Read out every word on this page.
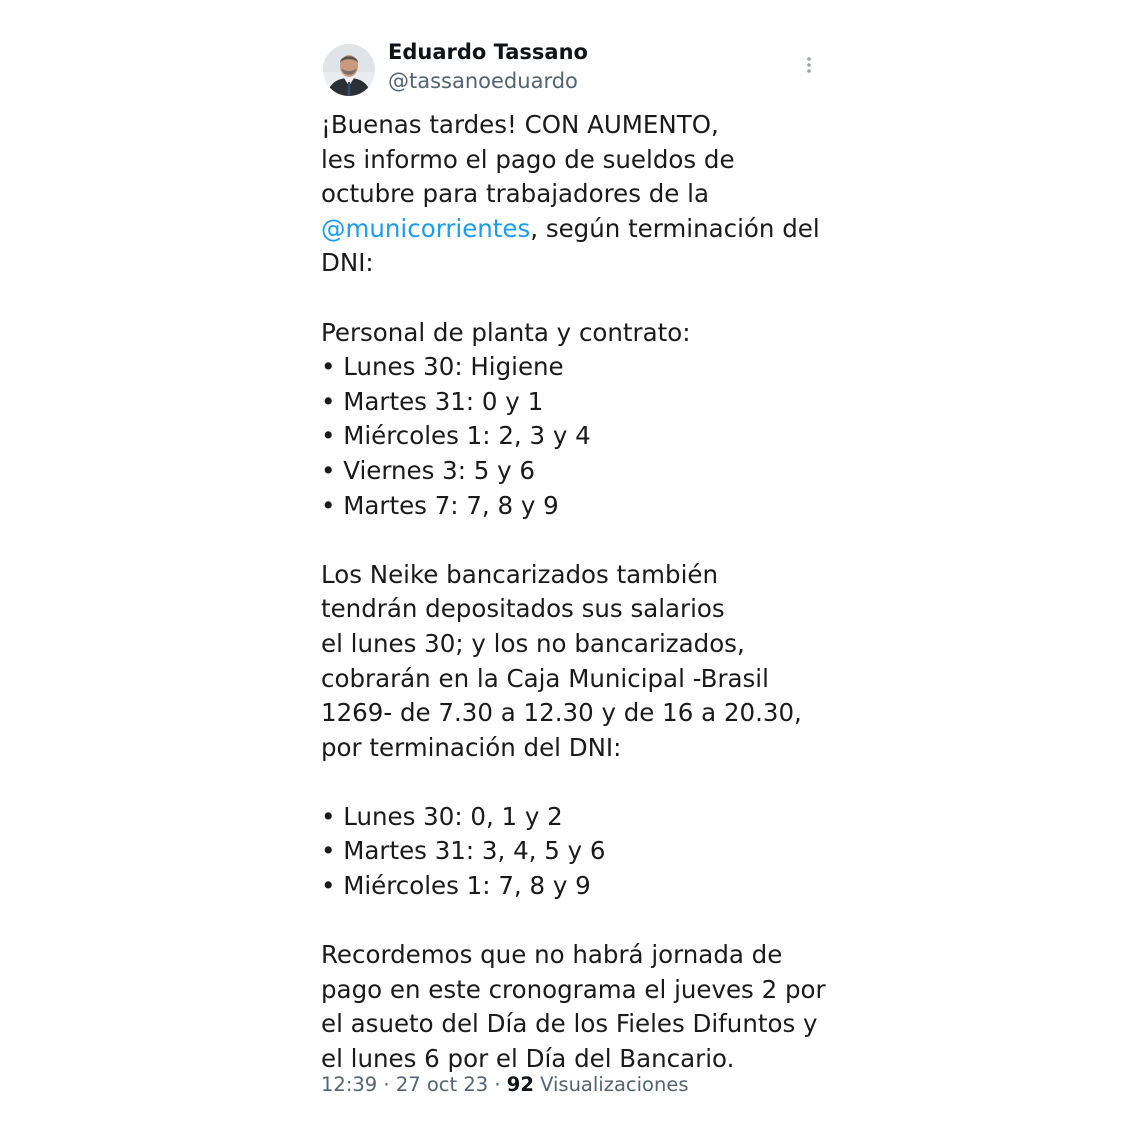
Eduardo Tassano
@tassanoeduardo
¡Buenas tardes! CON AUMENTO,
les informo el pago de sueldos de
octubre para trabajadores de la
@municorrientes, según terminación del
DNI:
Personal de planta y contrato:
• Lunes 30: Higiene
• Martes 31: 0 y 1
• Miércoles 1: 2, 3 y 4
• Viernes 3: 5 y 6
• Martes 7: 7, 8 y 9
Los Neike bancarizados también
tendrán depositados sus salarios
el lunes 30; y los no bancarizados,
cobrarán en la Caja Municipal -Brasil
1269- de 7.30 a 12.30 y de 16 a 20.30,
por terminación del DNI:
• Lunes 30: 0, 1 y 2
• Martes 31: 3, 4, 5 y 6
• Miércoles 1: 7, 8 y 9
Recordemos que no habrá jornada de
pago en este cronograma el jueves 2 por
el asueto del Día de los Fieles Difuntos y
el lunes 6 por el Día del Bancario.
12:39 · 27 oct 23 · 92 Visualizaciones
